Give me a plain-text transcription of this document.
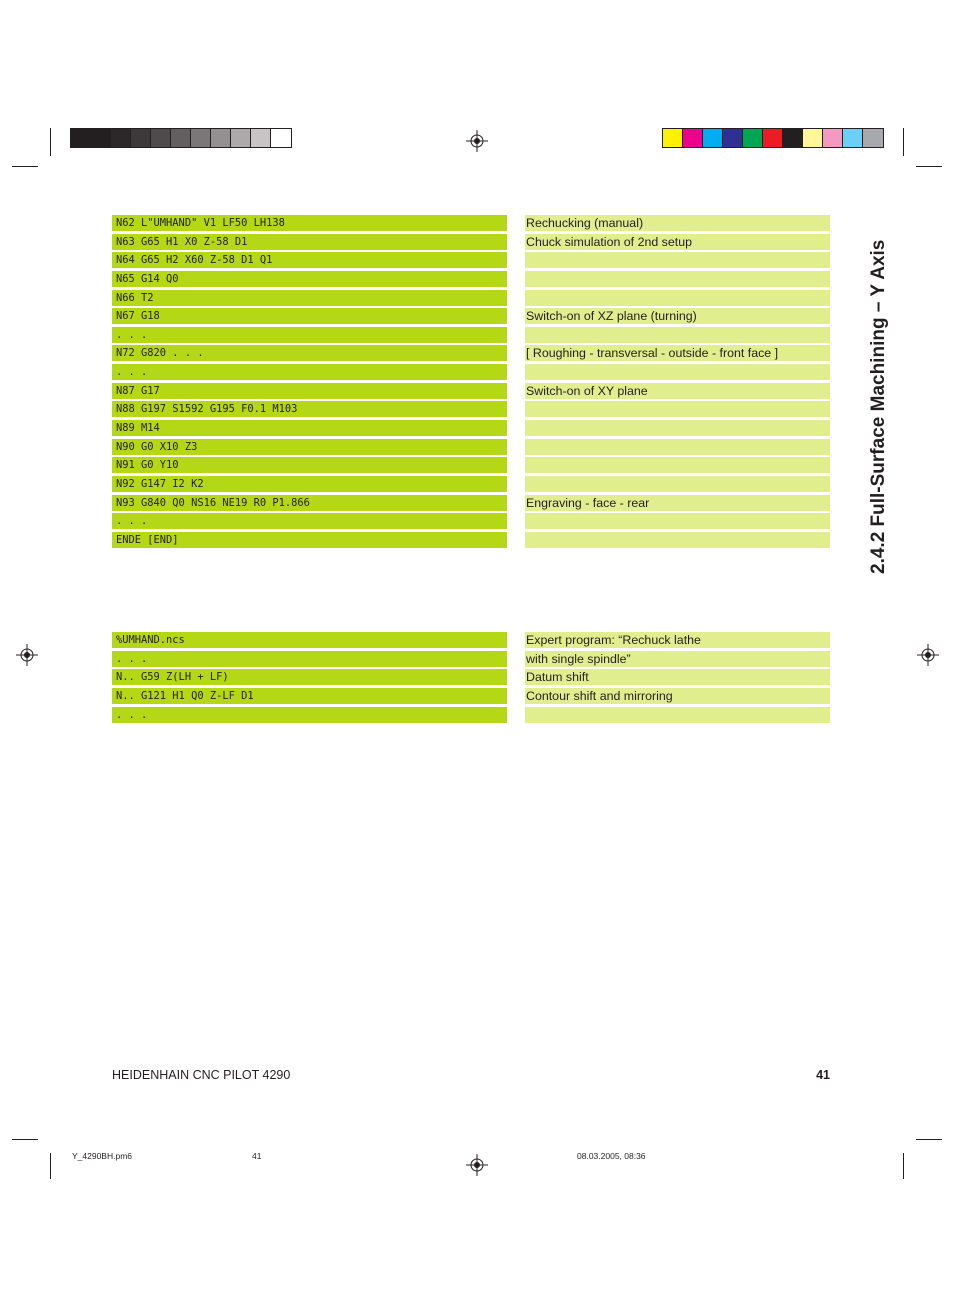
N62 L"UMHAND" V1 LF50 LH138	Rechucking (manual)
N63 G65 H1 X0 Z-58 D1	Chuck simulation of 2nd setup
N64 G65 H2 X60 Z-58 D1 Q1
N65 G14 Q0
N66 T2
N67 G18	Switch-on of XZ plane (turning)
. . .
N72 G820 . . .	[ Roughing - transversal - outside - front face ]
. . .
N87 G17	Switch-on of XY plane
N88 G197 S1592 G195 F0.1 M103
N89 M14
N90 G0 X10 Z3
N91 G0 Y10
N92 G147 I2 K2
N93 G840 Q0 NS16 NE19 R0 P1.866	Engraving - face - rear
. . .
ENDE [END]
%UMHAND.ncs	Expert program: “Rechuck lathe
. . .	with single spindle”
N.. G59 Z(LH + LF)	Datum shift
N.. G121 H1 Q0 Z-LF D1	Contour shift and mirroring
. . .
2.4.2 Full-Surface Machining – Y Axis
HEIDENHAIN CNC PILOT 4290	41
Y_4290BH.pm6	41	08.03.2005, 08:36
